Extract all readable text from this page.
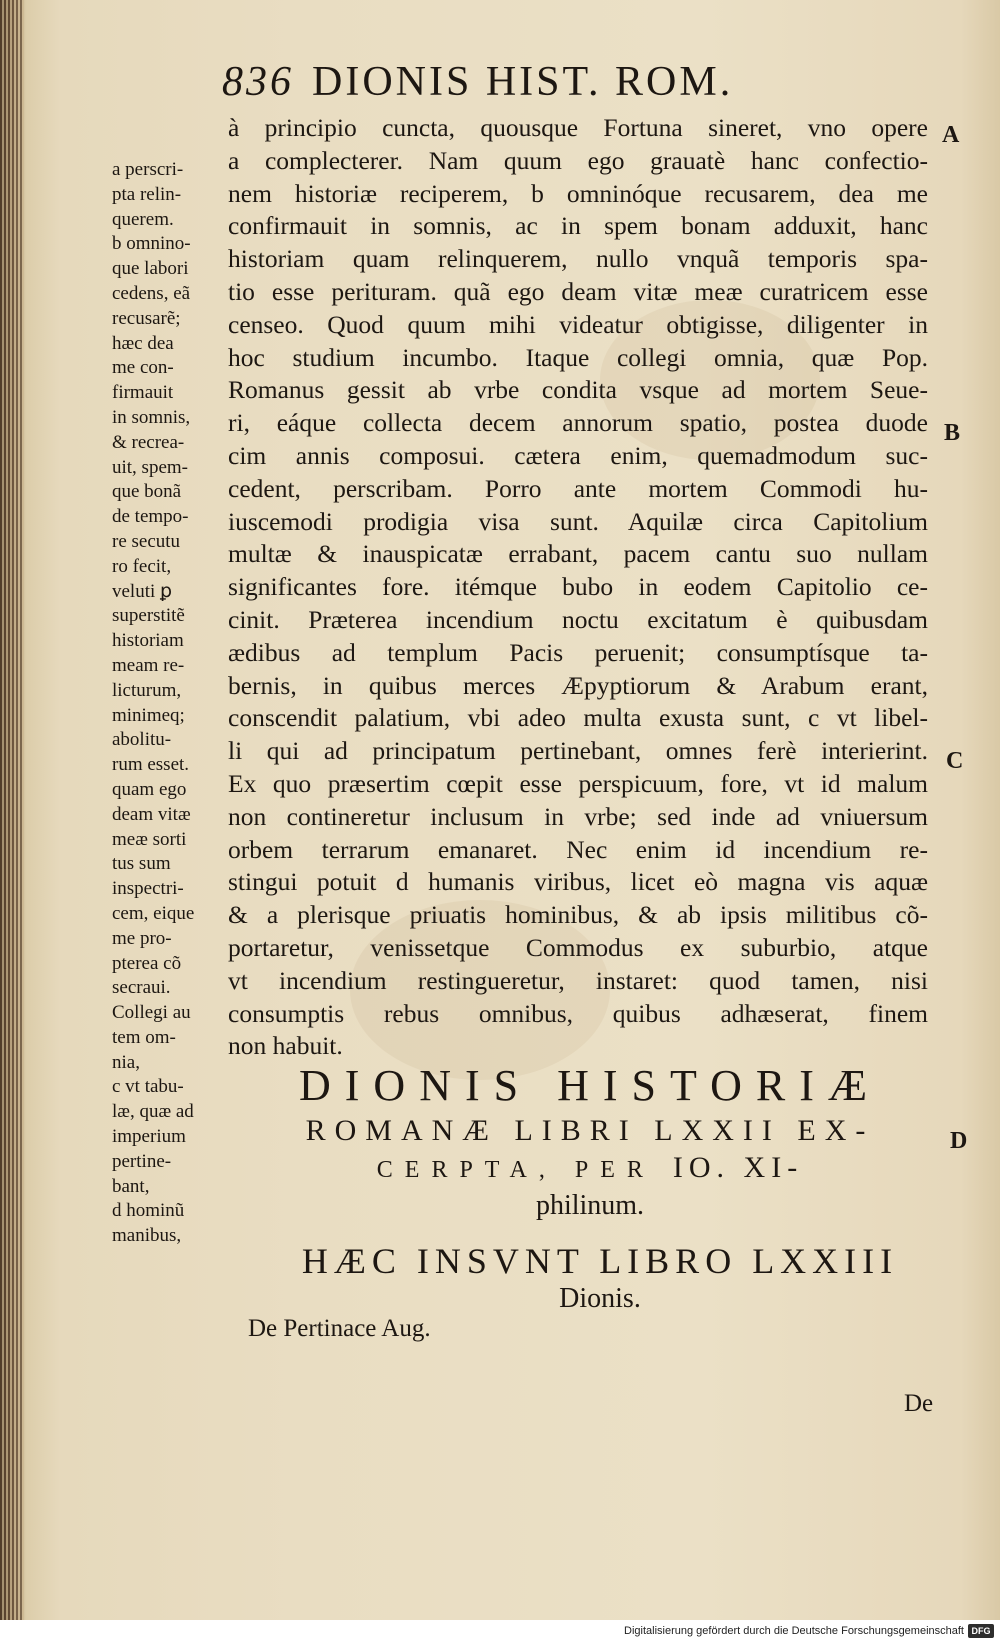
836 DIONIS HIST. ROM.
à principio cuncta, quousque Fortuna sineret, vno opere
a complecterer. Nam quum ego grauatè hanc confectio-
nem historiæ reciperem, b omninóque recusarem, dea me
confirmauit in somnis, ac in spem bonam adduxit, hanc
historiam quam relinquerem, nullo vnquã temporis spa-
tio esse perituram. quã ego deam vitæ meæ curatricem esse
censeo. Quod quum mihi videatur obtigisse, diligenter in
hoc studium incumbo. Itaque collegi omnia, quæ Pop.
Romanus gessit ab vrbe condita vsque ad mortem Seue-
ri, eáque collecta decem annorum spatio, postea duode
cim annis composui. cætera enim, quemadmodum suc-
cedent, perscribam. Porro ante mortem Commodi hu-
iuscemodi prodigia visa sunt. Aquilæ circa Capitolium
multæ & inauspicatæ errabant, pacem cantu suo nullam
significantes fore. itémque bubo in eodem Capitolio ce-
cinit. Præterea incendium noctu excitatum è quibusdam
ædibus ad templum Pacis peruenit; consumptísque ta-
bernis, in quibus merces Æpyptiorum & Arabum erant,
conscendit palatium, vbi adeo multa exusta sunt, c vt libel-
li qui ad principatum pertinebant, omnes ferè interierint.
Ex quo præsertim cœpit esse perspicuum, fore, vt id malum
non contineretur inclusum in vrbe; sed inde ad vniuersum
orbem terrarum emanaret. Nec enim id incendium re-
stingui potuit d humanis viribus, licet eò magna vis aquæ
& a plerisque priuatis hominibus, & ab ipsis militibus cõ-
portaretur, venissetque Commodus ex suburbio, atque
vt incendium restingueretur, instaret: quod tamen, nisi
consumptis rebus omnibus, quibus adhæserat, finem
non habuit.
a perscri-
pta relin-
querem.
b omnino-
que labori
cedens, eã
recusarẽ;
hæc dea
me con-
firmauit
in somnis,
& recrea-
uit, spem-
que bonã
de tempo-
re secutu
ro fecit,
veluti ꝑ
superstitẽ
historiam
meam re-
licturum,
minimeq;
abolitu-
rum esset.
quam ego
deam vitæ
meæ sorti
tus sum
inspectri-
cem, eique
me pro-
pterea cõ
secraui.
Collegi au
tem om-
nia,
c vt tabu-
læ, quæ ad
imperium
pertine-
bant,
d hominũ
manibus,
A
B
C
D
DIONIS HISTORIÆ
ROMANÆ LIBRI LXXII EX-
CERPTA, PER IO. XI-
philinum.
HÆC INSVNT LIBRO LXXIII
Dionis.
De Pertinace Aug.
De
Digitalisierung gefördert durch die Deutsche Forschungsgemeinschaft DFG
